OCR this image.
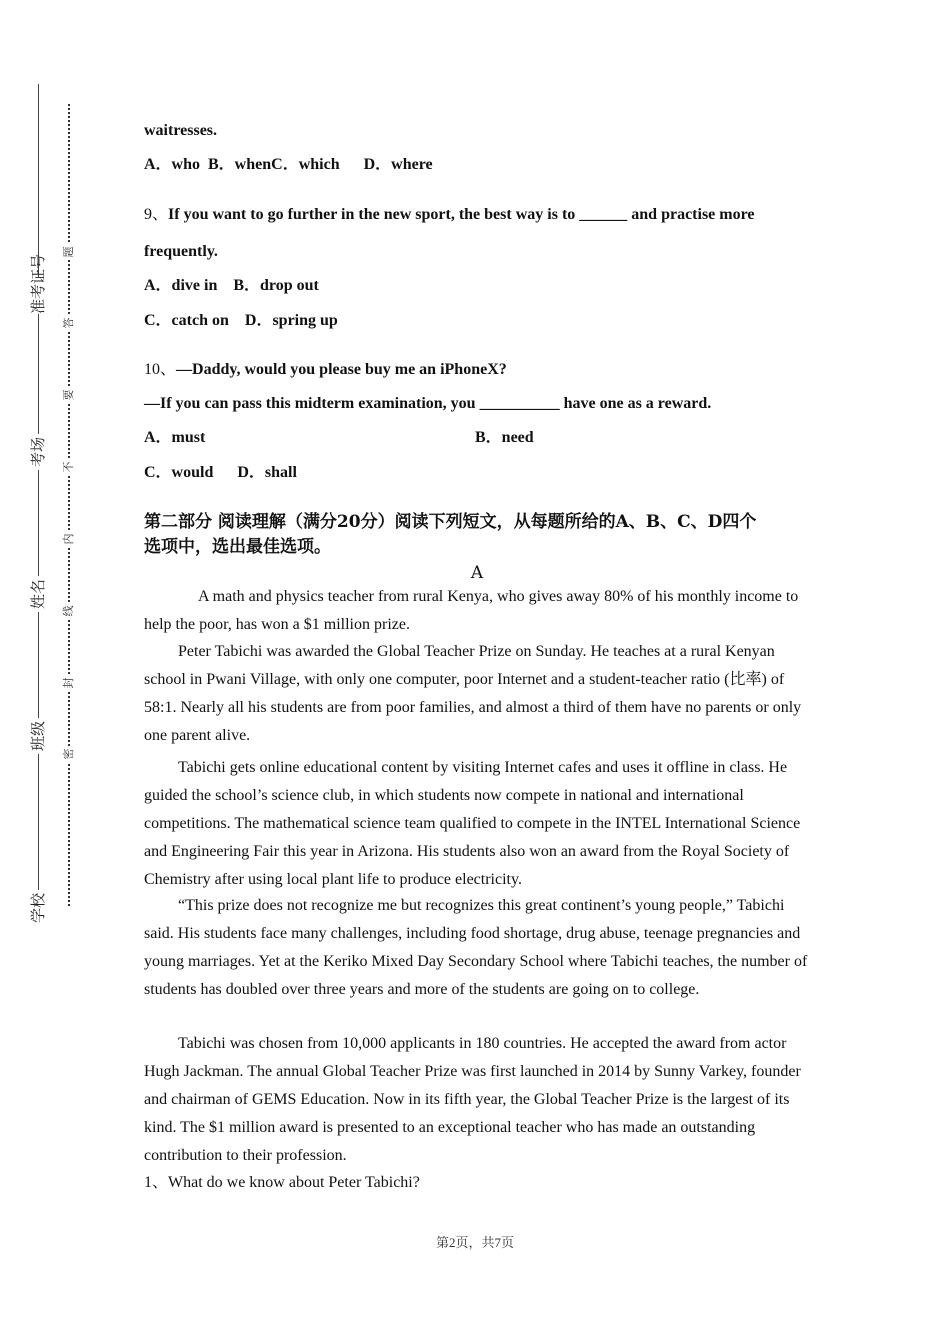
准考证号
考场
姓名
班级
学校
题
答
要
不
内
线
封
密
waitresses.
A．who  B．whenC．which      D．where
9、If you want to go further in the new sport, the best way is to ______ and practise more
frequently.
A．dive in    B．drop out
C．catch on    D．spring up
10、—Daddy, would you please buy me an iPhoneX?
—If you can pass this midterm examination, you __________ have one as a reward.
A．must	B．need
C．would      D．shall
第二部分 阅读理解（满分20分）阅读下列短文，从每题所给的A、B、C、D四个
选项中，选出最佳选项。
A
A math and physics teacher from rural Kenya, who gives away 80% of his monthly income to help the poor, has won a $1 million prize.
Peter Tabichi was awarded the Global Teacher Prize on Sunday. He teaches at a rural Kenyan school in Pwani Village, with only one computer, poor Internet and a student-teacher ratio (比率) of 58:1. Nearly all his students are from poor families, and almost a third of them have no parents or only one parent alive.
Tabichi gets online educational content by visiting Internet cafes and uses it offline in class. He guided the school’s science club, in which students now compete in national and international competitions. The mathematical science team qualified to compete in the INTEL International Science and Engineering Fair this year in Arizona. His students also won an award from the Royal Society of Chemistry after using local plant life to produce electricity.
“This prize does not recognize me but recognizes this great continent’s young people,” Tabichi said. His students face many challenges, including food shortage, drug abuse, teenage pregnancies and young marriages. Yet at the Keriko Mixed Day Secondary School where Tabichi teaches, the number of students has doubled over three years and more of the students are going on to college.
Tabichi was chosen from 10,000 applicants in 180 countries. He accepted the award from actor Hugh Jackman. The annual Global Teacher Prize was first launched in 2014 by Sunny Varkey, founder and chairman of GEMS Education. Now in its fifth year, the Global Teacher Prize is the largest of its kind. The $1 million award is presented to an exceptional teacher who has made an outstanding contribution to their profession.
1、What do we know about Peter Tabichi?
第2页，共7页
